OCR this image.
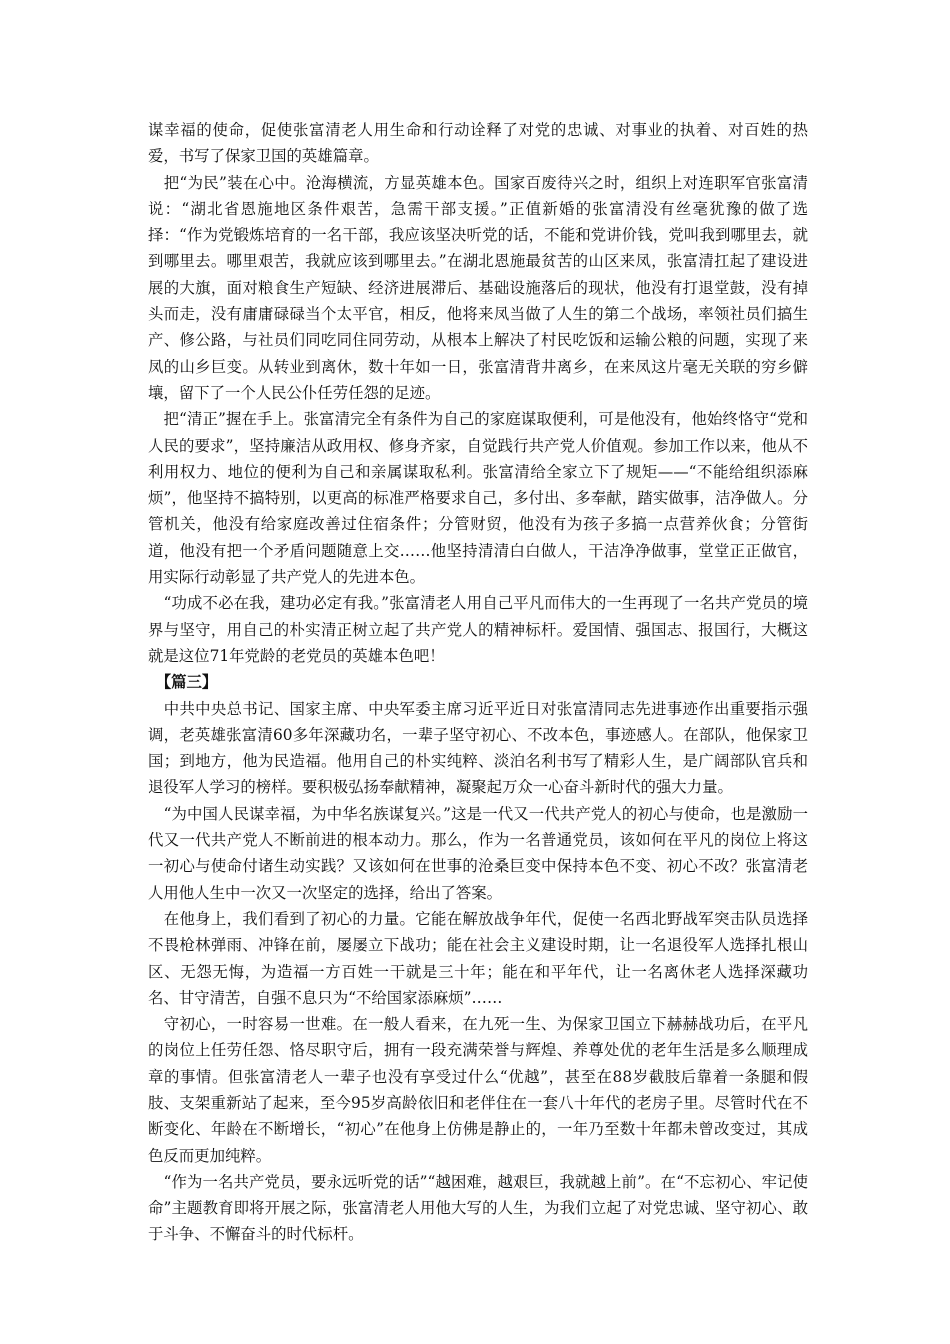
谋幸福的使命，促使张富清老人用生命和行动诠释了对党的忠诚、对事业的执着、对百姓的热爱，书写了保家卫国的英雄篇章。

　把“为民”装在心中。沧海横流，方显英雄本色。国家百废待兴之时，组织上对连职军官张富清说：“湖北省恩施地区条件艰苦，急需干部支援。”正值新婚的张富清没有丝毫犹豫的做了选择：“作为党锻炼培育的一名干部，我应该坚决听党的话，不能和党讲价钱，党叫我到哪里去，就到哪里去。哪里艰苦，我就应该到哪里去。”在湖北恩施最贫苦的山区来凤，张富清扛起了建设进展的大旗，面对粮食生产短缺、经济进展滞后、基础设施落后的现状，他没有打退堂鼓，没有掉头而走，没有庸庸碌碌当个太平官，相反，他将来凤当做了人生的第二个战场，率领社员们搞生产、修公路，与社员们同吃同住同劳动，从根本上解决了村民吃饭和运输公粮的问题，实现了来凤的山乡巨变。从转业到离休，数十年如一日，张富清背井离乡，在来凤这片毫无关联的穷乡僻壤，留下了一个人民公仆任劳任怨的足迹。

　把“清正”握在手上。张富清完全有条件为自己的家庭谋取便利，可是他没有，他始终恪守“党和人民的要求”，坚持廉洁从政用权、修身齐家，自觉践行共产党人价值观。参加工作以来，他从不利用权力、地位的便利为自己和亲属谋取私利。张富清给全家立下了规矩——“不能给组织添麻烦”，他坚持不搞特别，以更高的标准严格要求自己，多付出、多奉献，踏实做事，洁净做人。分管机关，他没有给家庭改善过住宿条件；分管财贸，他没有为孩子多搞一点营养伙食；分管街道，他没有把一个矛盾问题随意上交……他坚持清清白白做人，干洁净净做事，堂堂正正做官，用实际行动彰显了共产党人的先进本色。

　“功成不必在我，建功必定有我。”张富清老人用自己平凡而伟大的一生再现了一名共产党员的境界与坚守，用自己的朴实清正树立起了共产党人的精神标杆。爱国情、强国志、报国行，大概这就是这位71年党龄的老党员的英雄本色吧！

　【篇三】

　中共中央总书记、国家主席、中央军委主席习近平近日对张富清同志先进事迹作出重要指示强调，老英雄张富清60多年深藏功名，一辈子坚守初心、不改本色，事迹感人。在部队，他保家卫国；到地方，他为民造福。他用自己的朴实纯粹、淡泊名利书写了精彩人生，是广阔部队官兵和退役军人学习的榜样。要积极弘扬奉献精神，凝聚起万众一心奋斗新时代的强大力量。

　“为中国人民谋幸福，为中华名族谋复兴。”这是一代又一代共产党人的初心与使命，也是激励一代又一代共产党人不断前进的根本动力。那么，作为一名普通党员，该如何在平凡的岗位上将这一初心与使命付诸生动实践？又该如何在世事的沧桑巨变中保持本色不变、初心不改？张富清老人用他人生中一次又一次坚定的选择，给出了答案。

　在他身上，我们看到了初心的力量。它能在解放战争年代，促使一名西北野战军突击队员选择不畏枪林弹雨、冲锋在前，屡屡立下战功；能在社会主义建设时期，让一名退役军人选择扎根山区、无怨无悔，为造福一方百姓一干就是三十年；能在和平年代，让一名离休老人选择深藏功名、甘守清苦，自强不息只为“不给国家添麻烦”……

　守初心，一时容易一世难。在一般人看来，在九死一生、为保家卫国立下赫赫战功后，在平凡的岗位上任劳任怨、恪尽职守后，拥有一段充满荣誉与辉煌、养尊处优的老年生活是多么顺理成章的事情。但张富清老人一辈子也没有享受过什么“优越”，甚至在88岁截肢后靠着一条腿和假肢、支架重新站了起来，至今95岁高龄依旧和老伴住在一套八十年代的老房子里。尽管时代在不断变化、年龄在不断增长，“初心”在他身上仿佛是静止的，一年乃至数十年都未曾改变过，其成色反而更加纯粹。

　“作为一名共产党员，要永远听党的话”“越困难，越艰巨，我就越上前”。在“不忘初心、牢记使命”主题教育即将开展之际，张富清老人用他大写的人生，为我们立起了对党忠诚、坚守初心、敢于斗争、不懈奋斗的时代标杆。
